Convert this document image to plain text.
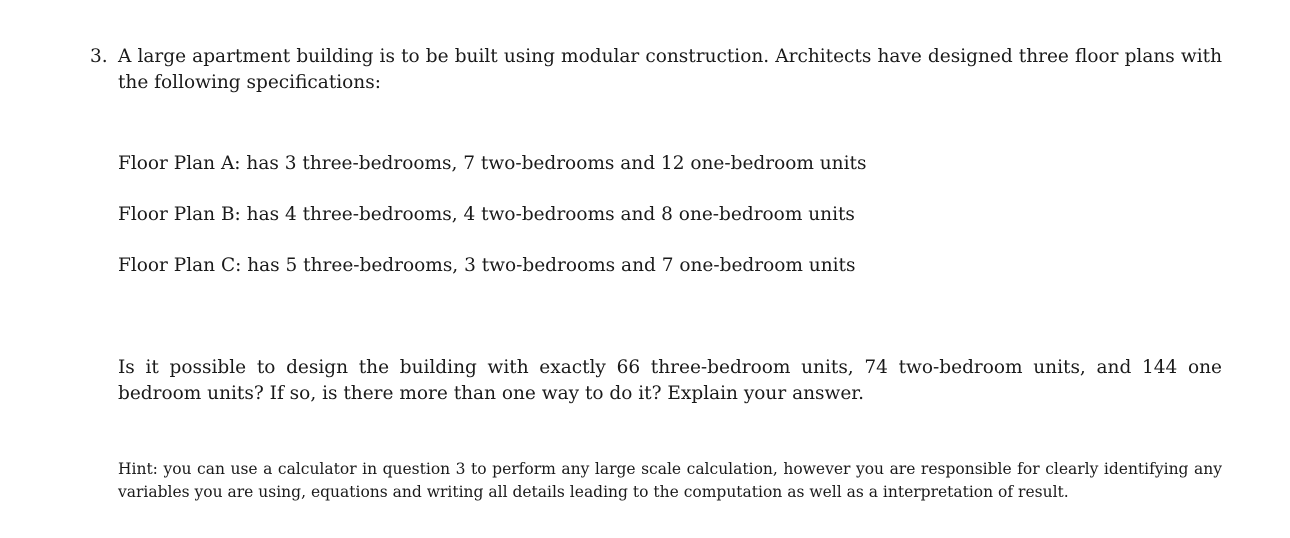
3. A large apartment building is to be built using modular construction. Architects have designed three floor plans with the following specifications:

Floor Plan A: has 3 three-bedrooms, 7 two-bedrooms and 12 one-bedroom units
Floor Plan B: has 4 three-bedrooms, 4 two-bedrooms and 8 one-bedroom units
Floor Plan C: has 5 three-bedrooms, 3 two-bedrooms and 7 one-bedroom units

Is it possible to design the building with exactly 66 three-bedroom units, 74 two-bedroom units, and 144 one bedroom units? If so, is there more than one way to do it? Explain your answer.

Hint: you can use a calculator in question 3 to perform any large scale calculation, however you are responsible for clearly identifying any variables you are using, equations and writing all details leading to the computation as well as a interpretation of result.
